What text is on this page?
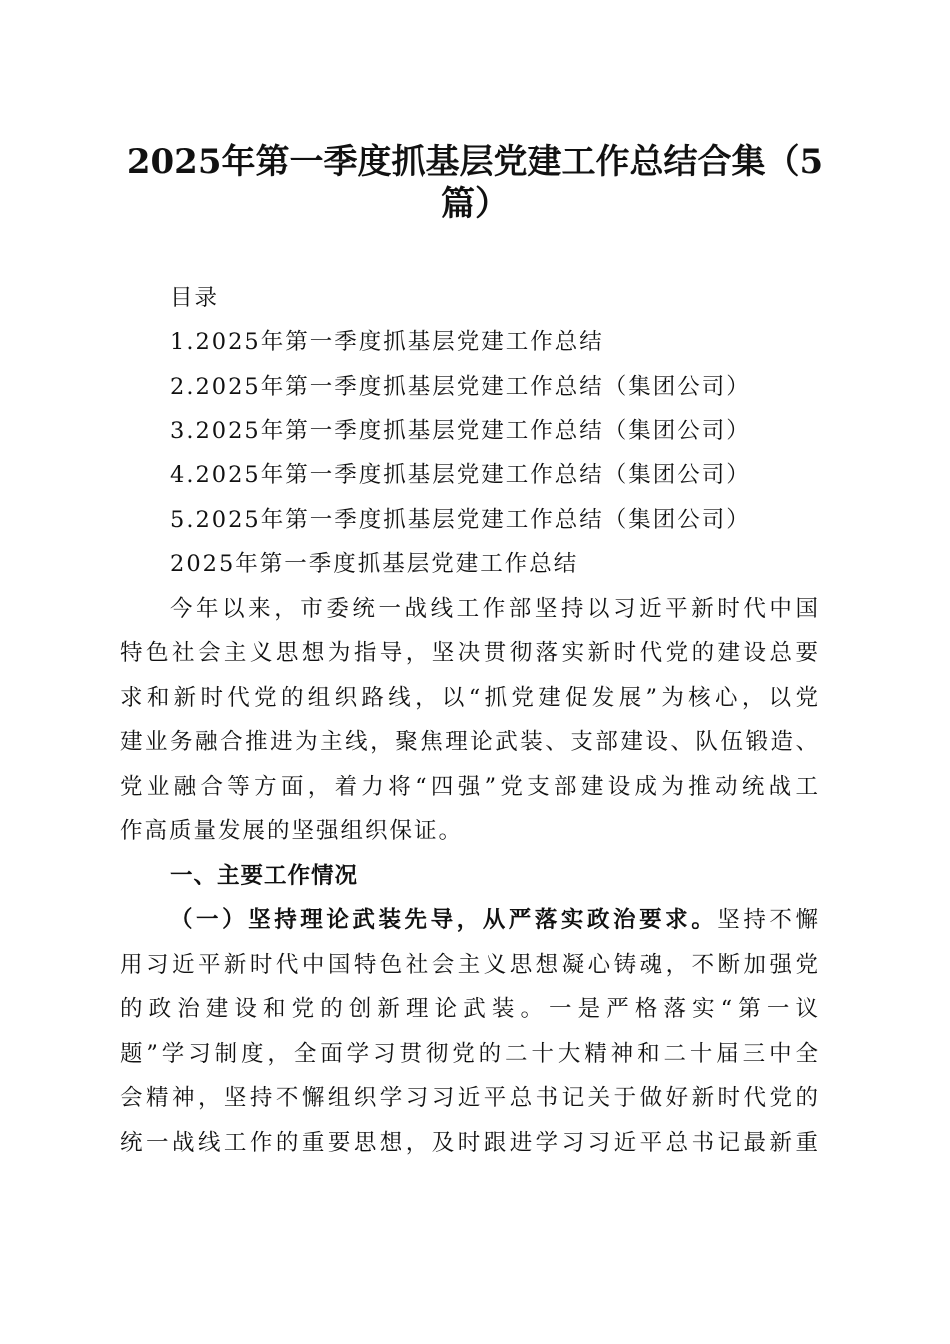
2025年第一季度抓基层党建工作总结合集（5
篇）
目录
1.2025年第一季度抓基层党建工作总结
2.2025年第一季度抓基层党建工作总结（集团公司）
3.2025年第一季度抓基层党建工作总结（集团公司）
4.2025年第一季度抓基层党建工作总结（集团公司）
5.2025年第一季度抓基层党建工作总结（集团公司）
2025年第一季度抓基层党建工作总结
今年以来，市委统一战线工作部坚持以习近平新时代中国
特色社会主义思想为指导，坚决贯彻落实新时代党的建设总要
求和新时代党的组织路线，以“抓党建促发展”为核心，以党
建业务融合推进为主线，聚焦理论武装、支部建设、队伍锻造、
党业融合等方面，着力将“四强”党支部建设成为推动统战工
作高质量发展的坚强组织保证。
一、主要工作情况
（一）坚持理论武装先导，从严落实政治要求。坚持不懈
用习近平新时代中国特色社会主义思想凝心铸魂，不断加强党
的政治建设和党的创新理论武装。一是严格落实“第一议
题”学习制度，全面学习贯彻党的二十大精神和二十届三中全
会精神，坚持不懈组织学习习近平总书记关于做好新时代党的
统一战线工作的重要思想，及时跟进学习习近平总书记最新重
